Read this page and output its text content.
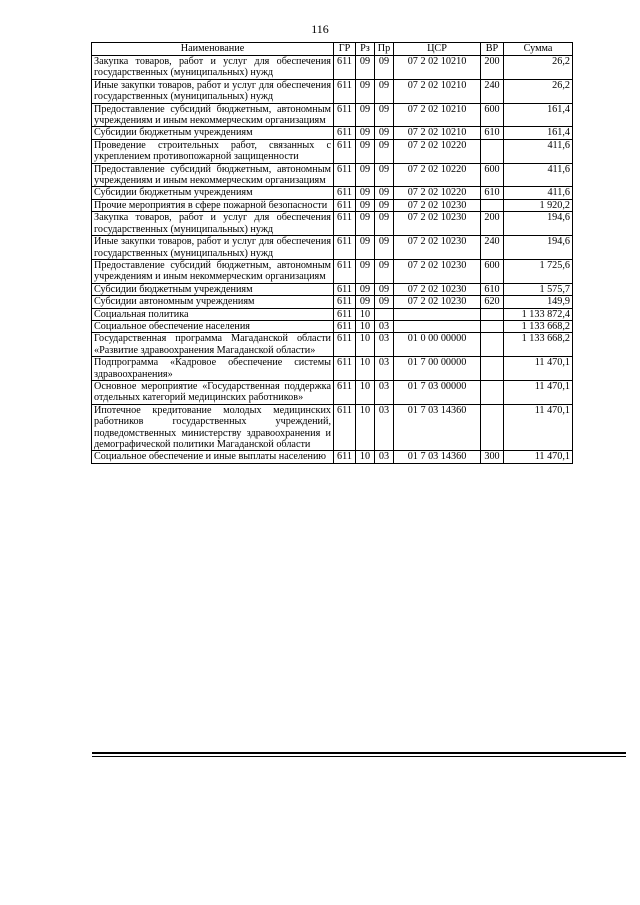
116
Наименование	ГР	Рз	Пр	ЦСР	ВР	Сумма
Закупка товаров, работ и услуг для обеспечения государственных (муниципальных) нужд	611	09	09	07 2 02 10210	200	26,2
Иные закупки товаров, работ и услуг для обеспечения государственных (муниципальных) нужд	611	09	09	07 2 02 10210	240	26,2
Предоставление субсидий бюджетным, автономным учреждениям и иным некоммерческим организациям	611	09	09	07 2 02 10210	600	161,4
Субсидии бюджетным учреждениям	611	09	09	07 2 02 10210	610	161,4
Проведение строительных работ, связанных с укреплением противопожарной защищенности	611	09	09	07 2 02 10220		411,6
Предоставление субсидий бюджетным, автономным учреждениям и иным некоммерческим организациям	611	09	09	07 2 02 10220	600	411,6
Субсидии бюджетным учреждениям	611	09	09	07 2 02 10220	610	411,6
Прочие мероприятия в сфере пожарной безопасности	611	09	09	07 2 02 10230		1 920,2
Закупка товаров, работ и услуг для обеспечения государственных (муниципальных) нужд	611	09	09	07 2 02 10230	200	194,6
Иные закупки товаров, работ и услуг для обеспечения государственных (муниципальных) нужд	611	09	09	07 2 02 10230	240	194,6
Предоставление субсидий бюджетным, автономным учреждениям и иным некоммерческим организациям	611	09	09	07 2 02 10230	600	1 725,6
Субсидии бюджетным учреждениям	611	09	09	07 2 02 10230	610	1 575,7
Субсидии автономным учреждениям	611	09	09	07 2 02 10230	620	149,9
Социальная политика	611	10				1 133 872,4
Социальное обеспечение населения	611	10	03			1 133 668,2
Государственная программа Магаданской области «Развитие здравоохранения Магаданской области»	611	10	03	01 0 00 00000		1 133 668,2
Подпрограмма «Кадровое обеспечение системы здравоохранения»	611	10	03	01 7 00 00000		11 470,1
Основное мероприятие «Государственная поддержка отдельных категорий медицинских работников»	611	10	03	01 7 03 00000		11 470,1
Ипотечное кредитование молодых медицинских работников государственных учреждений, подведомственных министерству здравоохранения и демографической политики Магаданской области	611	10	03	01 7 03 14360		11 470,1
Социальное обеспечение и иные выплаты населению	611	10	03	01 7 03 14360	300	11 470,1
